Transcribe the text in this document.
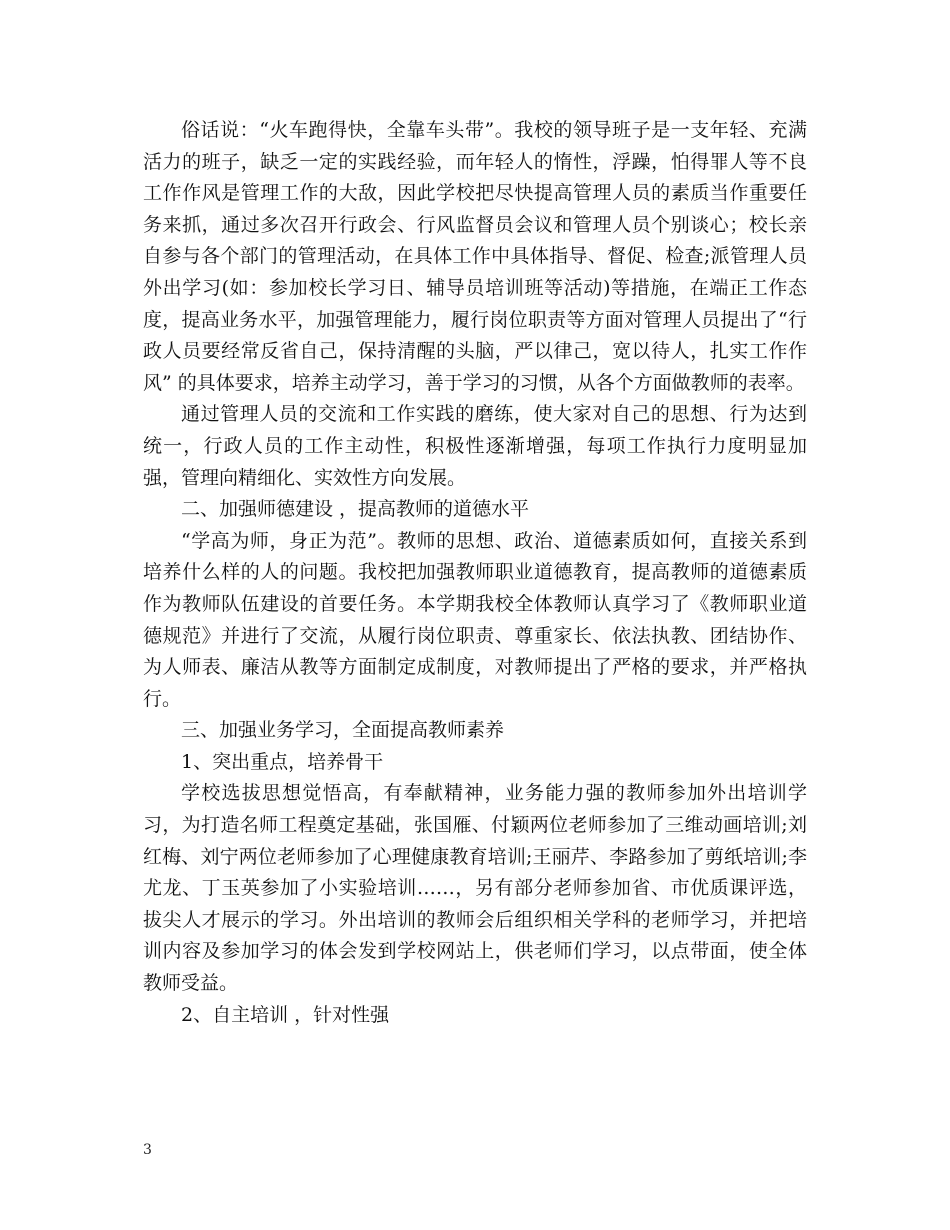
俗话说：“火车跑得快，全靠车头带”。我校的领导班子是一支年轻、充满活力的班子，缺乏一定的实践经验，而年轻人的惰性，浮躁，怕得罪人等不良工作作风是管理工作的大敌，因此学校把尽快提高管理人员的素质当作重要任务来抓，通过多次召开行政会、行风监督员会议和管理人员个别谈心；校长亲自参与各个部门的管理活动，在具体工作中具体指导、督促、检查;派管理人员外出学习(如：参加校长学习日、辅导员培训班等活动)等措施，在端正工作态度，提高业务水平，加强管理能力，履行岗位职责等方面对管理人员提出了“行政人员要经常反省自己，保持清醒的头脑，严以律己，宽以待人，扎实工作作风” 的具体要求，培养主动学习，善于学习的习惯，从各个方面做教师的表率。

通过管理人员的交流和工作实践的磨练，使大家对自己的思想、行为达到统一，行政人员的工作主动性，积极性逐渐增强，每项工作执行力度明显加强，管理向精细化、实效性方向发展。

二、加强师德建设 ，提高教师的道德水平

“学高为师，身正为范”。教师的思想、政治、道德素质如何，直接关系到培养什么样的人的问题。我校把加强教师职业道德教育，提高教师的道德素质作为教师队伍建设的首要任务。本学期我校全体教师认真学习了《教师职业道德规范》并进行了交流，从履行岗位职责、尊重家长、依法执教、团结协作、为人师表、廉洁从教等方面制定成制度，对教师提出了严格的要求，并严格执行。

三、加强业务学习，全面提高教师素养

1、突出重点，培养骨干

学校选拔思想觉悟高，有奉献精神，业务能力强的教师参加外出培训学习，为打造名师工程奠定基础，张国雁、付颖两位老师参加了三维动画培训;刘红梅、刘宁两位老师参加了心理健康教育培训;王丽芹、李路参加了剪纸培训;李尤龙、丁玉英参加了小实验培训……，另有部分老师参加省、市优质课评选，拔尖人才展示的学习。外出培训的教师会后组织相关学科的老师学习，并把培训内容及参加学习的体会发到学校网站上，供老师们学习，以点带面，使全体教师受益。

2、自主培训 ，针对性强

3
